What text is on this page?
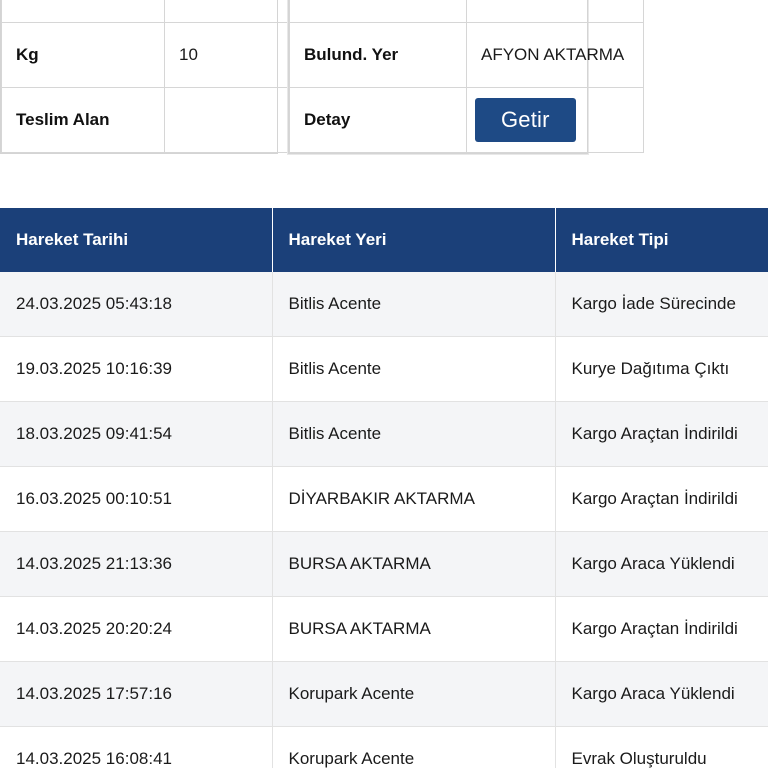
Kg	10
Teslim Alan	

Bulund. Yer	AFYON AKTARMA
Detay	Getir
Hareket Tarihi	Hareket Yeri	Hareket Tipi
24.03.2025 05:43:18	Bitlis Acente	Kargo İade Sürecinde
19.03.2025 10:16:39	Bitlis Acente	Kurye Dağıtıma Çıktı
18.03.2025 09:41:54	Bitlis Acente	Kargo Araçtan İndirildi
16.03.2025 00:10:51	DİYARBAKIR AKTARMA	Kargo Araçtan İndirildi
14.03.2025 21:13:36	BURSA AKTARMA	Kargo Araca Yüklendi
14.03.2025 20:20:24	BURSA AKTARMA	Kargo Araçtan İndirildi
14.03.2025 17:57:16	Korupark Acente	Kargo Araca Yüklendi
14.03.2025 16:08:41	Korupark Acente	Evrak Oluşturuldu
